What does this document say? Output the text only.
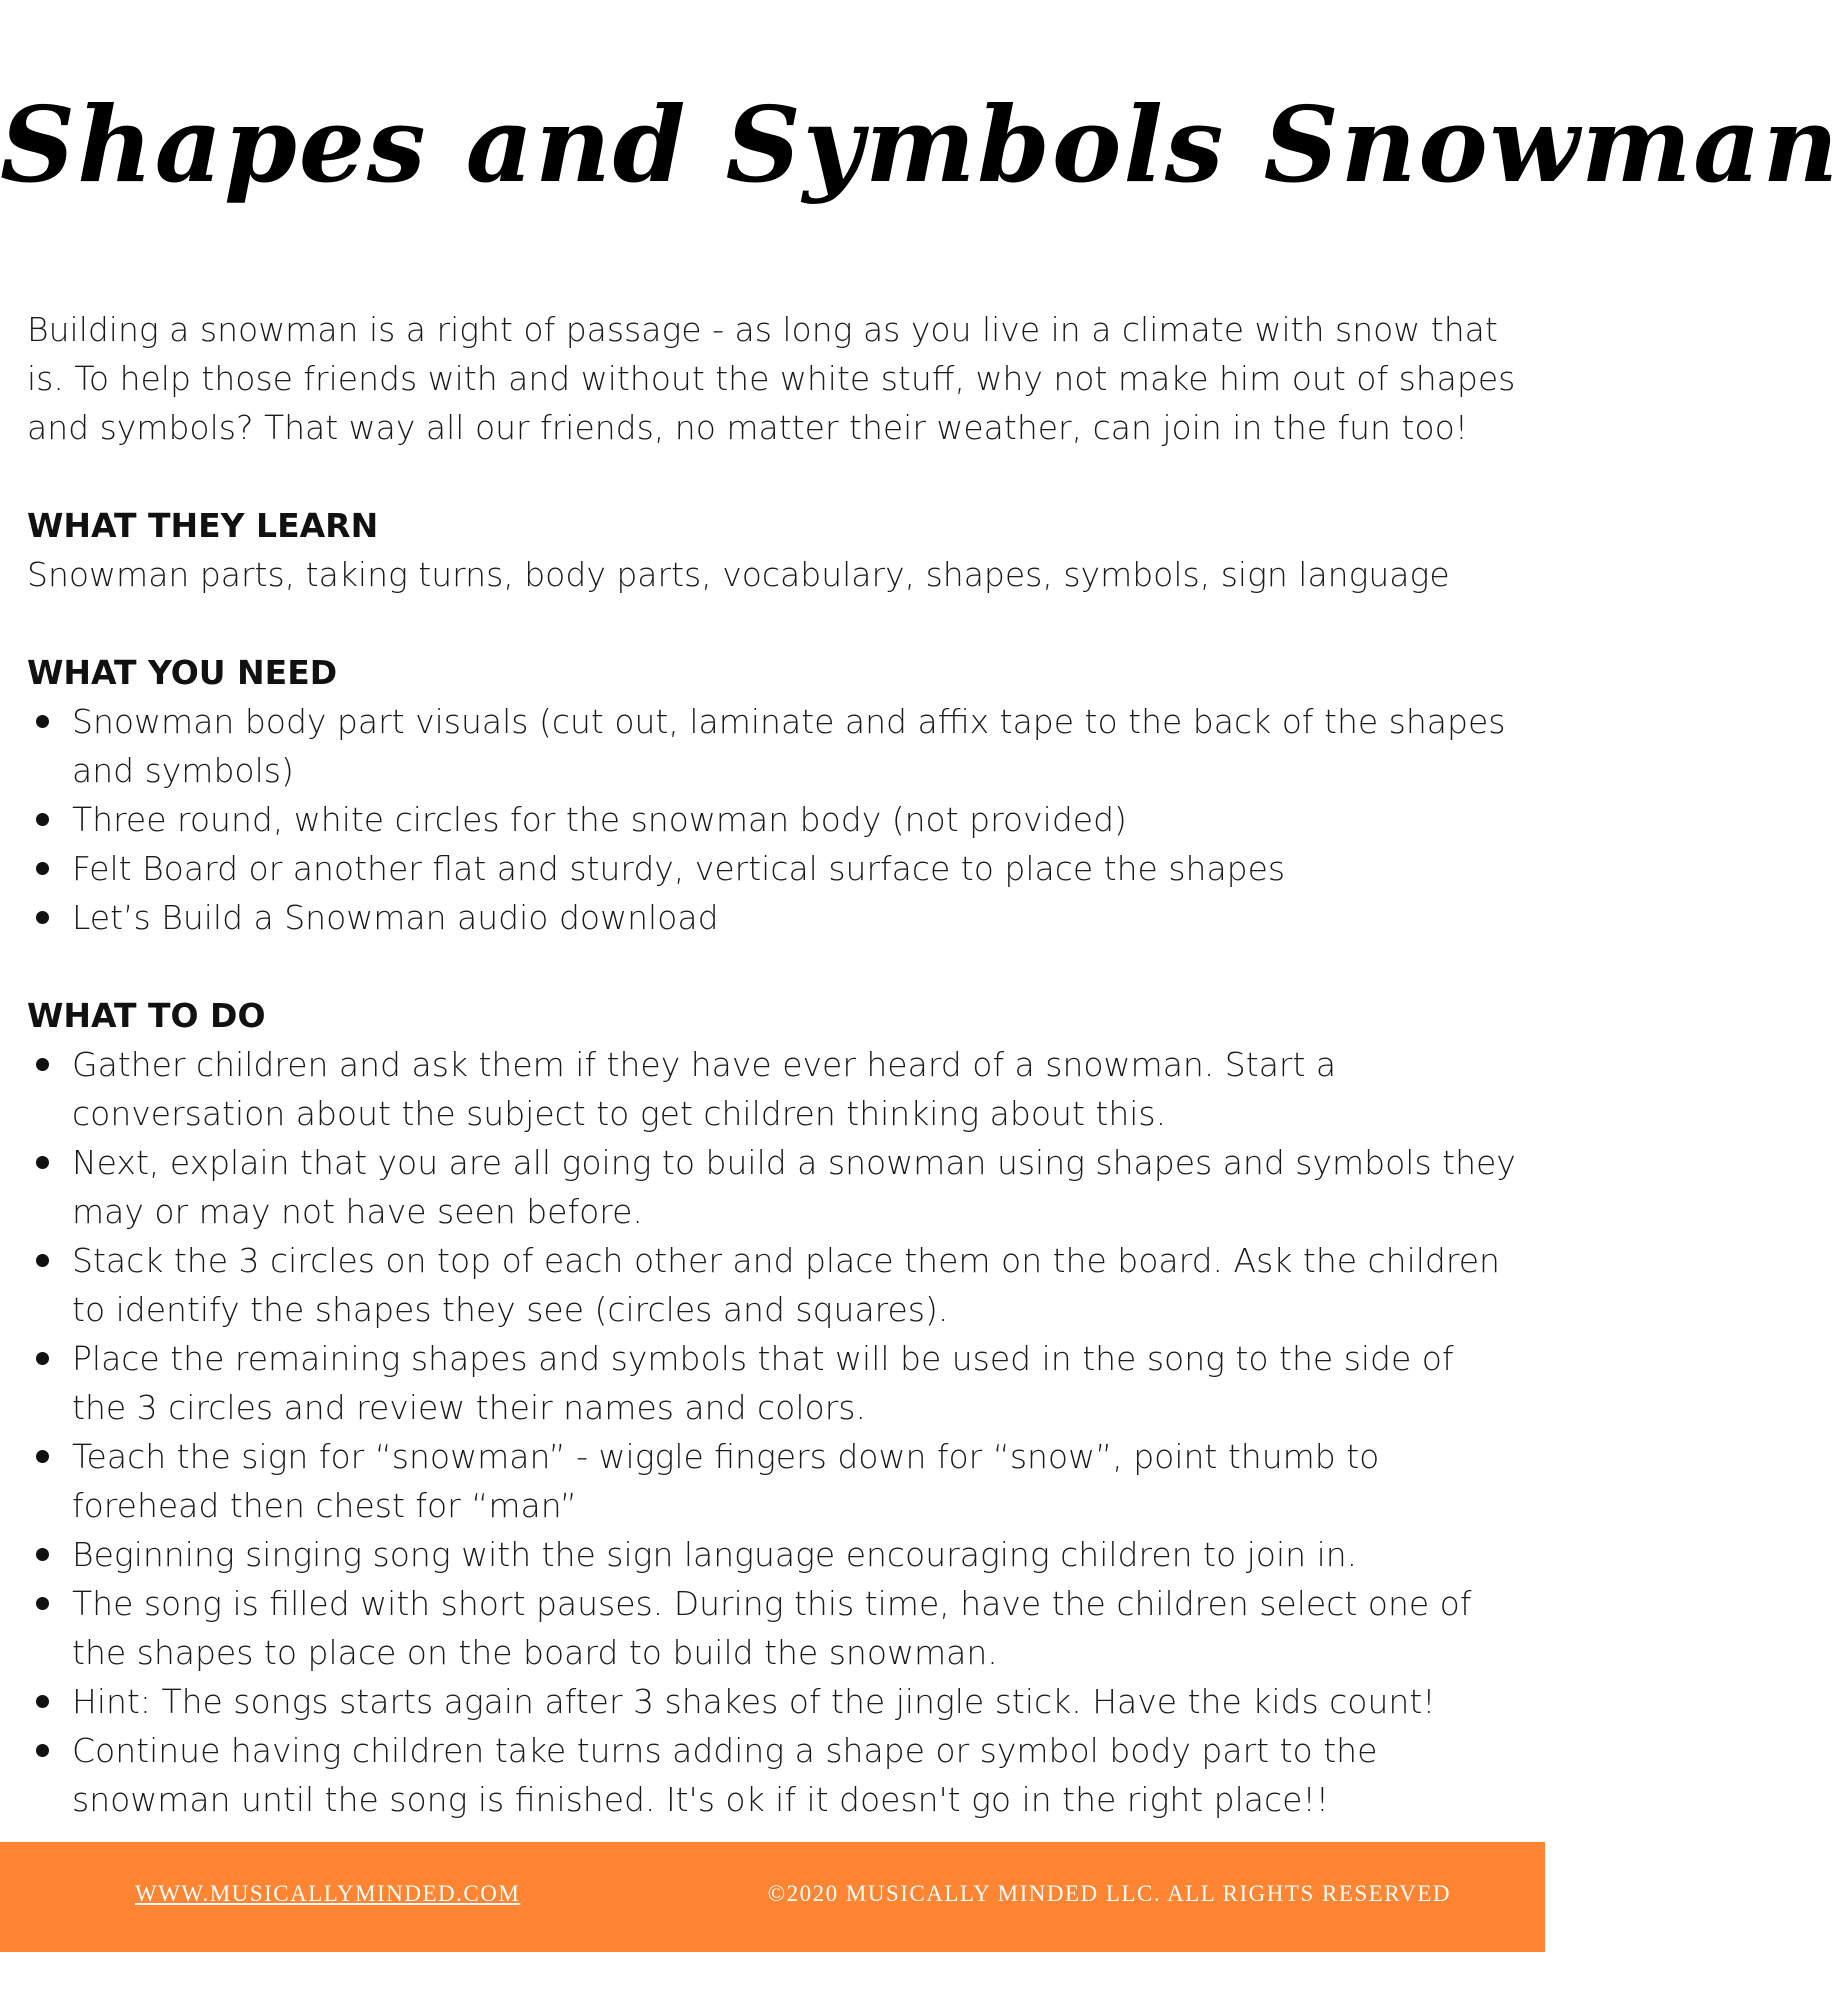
Shapes and Symbols Snowman

Building a snowman is a right of passage - as long as you live in a climate with snow that is. To help those friends with and without the white stuff, why not make him out of shapes and symbols? That way all our friends, no matter their weather, can join in the fun too!

WHAT THEY LEARN

Snowman parts, taking turns, body parts, vocabulary, shapes, symbols, sign language

WHAT YOU NEED
Snowman body part visuals (cut out, laminate and affix tape to the back of the shapes and symbols)
Three round, white circles for the snowman body (not provided)
Felt Board or another flat and sturdy, vertical surface to place the shapes
Let’s Build a Snowman audio download
WHAT TO DO
Gather children and ask them if they have ever heard of a snowman. Start a conversation about the subject to get children thinking about this.
Next, explain that you are all going to build a snowman using shapes and symbols they may or may not have seen before.
Stack the 3 circles on top of each other and place them on the board. Ask the children to identify the shapes they see (circles and squares).
Place the remaining shapes and symbols that will be used in the song to the side of the 3 circles and review their names and colors.
Teach the sign for “snowman” - wiggle fingers down for “snow”, point thumb to forehead then chest for “man”
Beginning singing song with the sign language encouraging children to join in.
The song is filled with short pauses. During this time, have the children select one of the shapes to place on the board to build the snowman.
Hint: The songs starts again after 3 shakes of the jingle stick. Have the kids count!
Continue having children take turns adding a shape or symbol body part to the snowman until the song is finished. It's ok if it doesn't go in the right place!!
WWW.MUSICALLYMINDED.COM	©2020 MUSICALLY MINDED LLC. ALL RIGHTS RESERVED
